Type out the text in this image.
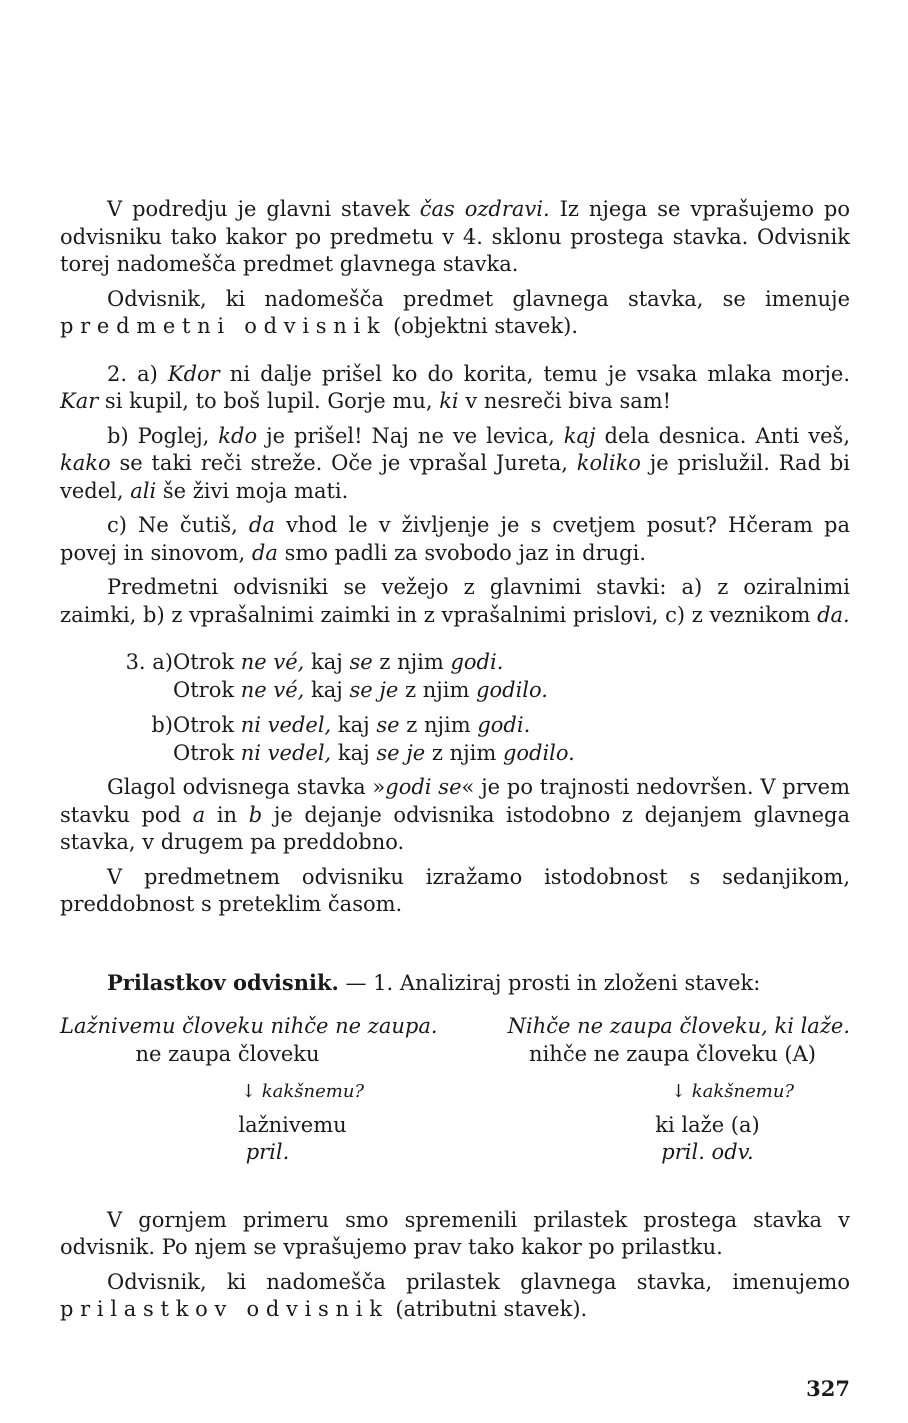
V podredju je glavni stavek čas ozdravi. Iz njega se vprašujemo po odvisniku tako kakor po predmetu v 4. sklonu prostega stavka. Odvisnik torej nadomešča predmet glavnega stavka.

Odvisnik, ki nadomešča predmet glavnega stavka, se imenuje predmetni odvisnik (objektni stavek).

2. a) Kdor ni dalje prišel ko do korita, temu je vsaka mlaka morje. Kar si kupil, to boš lupil. Gorje mu, ki v nesreči biva sam!

b) Poglej, kdo je prišel! Naj ne ve levica, kaj dela desnica. Anti veš, kako se taki reči streže. Oče je vprašal Jureta, koliko je prislužil. Rad bi vedel, ali še živi moja mati.

c) Ne čutiš, da vhod le v življenje je s cvetjem posut? Hčeram pa povej in sinovom, da smo padli za svobodo jaz in drugi.

Predmetni odvisniki se vežejo z glavnimi stavki: a) z oziralnimi zaimki, b) z vprašalnimi zaimki in z vprašalnimi prislovi, c) z veznikom da.

3. a) Otrok ne vé, kaj se z njim godi.
Otrok ne vé, kaj se je z njim godilo.
b) Otrok ni vedel, kaj se z njim godi.
Otrok ni vedel, kaj se je z njim godilo.

Glagol odvisnega stavka »godi se« je po trajnosti nedovršen. V prvem stavku pod a in b je dejanje odvisnika istodobno z dejanjem glavnega stavka, v drugem pa preddobno.

V predmetnem odvisniku izražamo istodobnost s sedanjikom, preddobnost s preteklim časom.

Prilastkov odvisnik. — 1. Analiziraj prosti in zloženi stavek:

Lažnivemu človeku nihče ne zaupa.	Nihče ne zaupa človeku, ki laže.
ne zaupa človeku	nihče ne zaupa človeku (A)
↓ kakšnemu?	↓ kakšnemu?
lažnivemu	ki laže (a)
pril.	pril. odv.

V gornjem primeru smo spremenili prilastek prostega stavka v odvisnik. Po njem se vprašujemo prav tako kakor po prilastku.

Odvisnik, ki nadomešča prilastek glavnega stavka, imenujemo prilastkov odvisnik (atributni stavek).

327
